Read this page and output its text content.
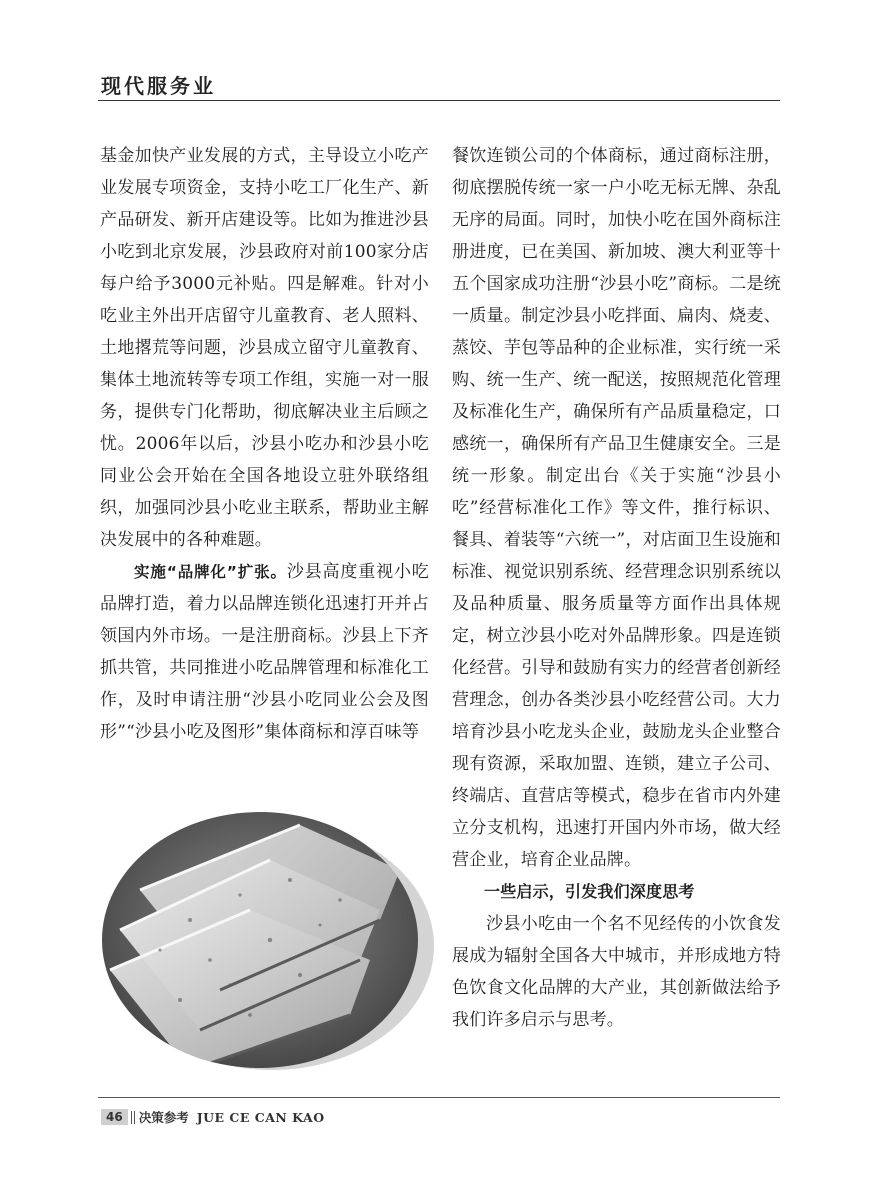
现代服务业

基金加快产业发展的方式，主导设立小吃产业发展专项资金，支持小吃工厂化生产、新产品研发、新开店建设等。比如为推进沙县小吃到北京发展，沙县政府对前100家分店每户给予3000元补贴。四是解难。针对小吃业主外出开店留守儿童教育、老人照料、土地撂荒等问题，沙县成立留守儿童教育、集体土地流转等专项工作组，实施一对一服务，提供专门化帮助，彻底解决业主后顾之忧。2006年以后，沙县小吃办和沙县小吃同业公会开始在全国各地设立驻外联络组织，加强同沙县小吃业主联系，帮助业主解决发展中的各种难题。

实施“品牌化”扩张。沙县高度重视小吃品牌打造，着力以品牌连锁化迅速打开并占领国内外市场。一是注册商标。沙县上下齐抓共管，共同推进小吃品牌管理和标准化工作，及时申请注册“沙县小吃同业公会及图形”“沙县小吃及图形”集体商标和淳百味等

餐饮连锁公司的个体商标，通过商标注册，彻底摆脱传统一家一户小吃无标无牌、杂乱无序的局面。同时，加快小吃在国外商标注册进度，已在美国、新加坡、澳大利亚等十五个国家成功注册“沙县小吃”商标。二是统一质量。制定沙县小吃拌面、扁肉、烧麦、蒸饺、芋包等品种的企业标准，实行统一采购、统一生产、统一配送，按照规范化管理及标准化生产，确保所有产品质量稳定，口感统一，确保所有产品卫生健康安全。三是统一形象。制定出台《关于实施“沙县小吃”经营标准化工作》等文件，推行标识、餐具、着装等“六统一”，对店面卫生设施和标准、视觉识别系统、经营理念识别系统以及品种质量、服务质量等方面作出具体规定，树立沙县小吃对外品牌形象。四是连锁化经营。引导和鼓励有实力的经营者创新经营理念，创办各类沙县小吃经营公司。大力培育沙县小吃龙头企业，鼓励龙头企业整合现有资源，采取加盟、连锁，建立子公司、终端店、直营店等模式，稳步在省市内外建立分支机构，迅速打开国内外市场，做大经营企业，培育企业品牌。

一些启示，引发我们深度思考

沙县小吃由一个名不见经传的小饮食发展成为辐射全国各大中城市，并形成地方特色饮食文化品牌的大产业，其创新做法给予我们许多启示与思考。

46	决策参考 JUE CE CAN KAO
